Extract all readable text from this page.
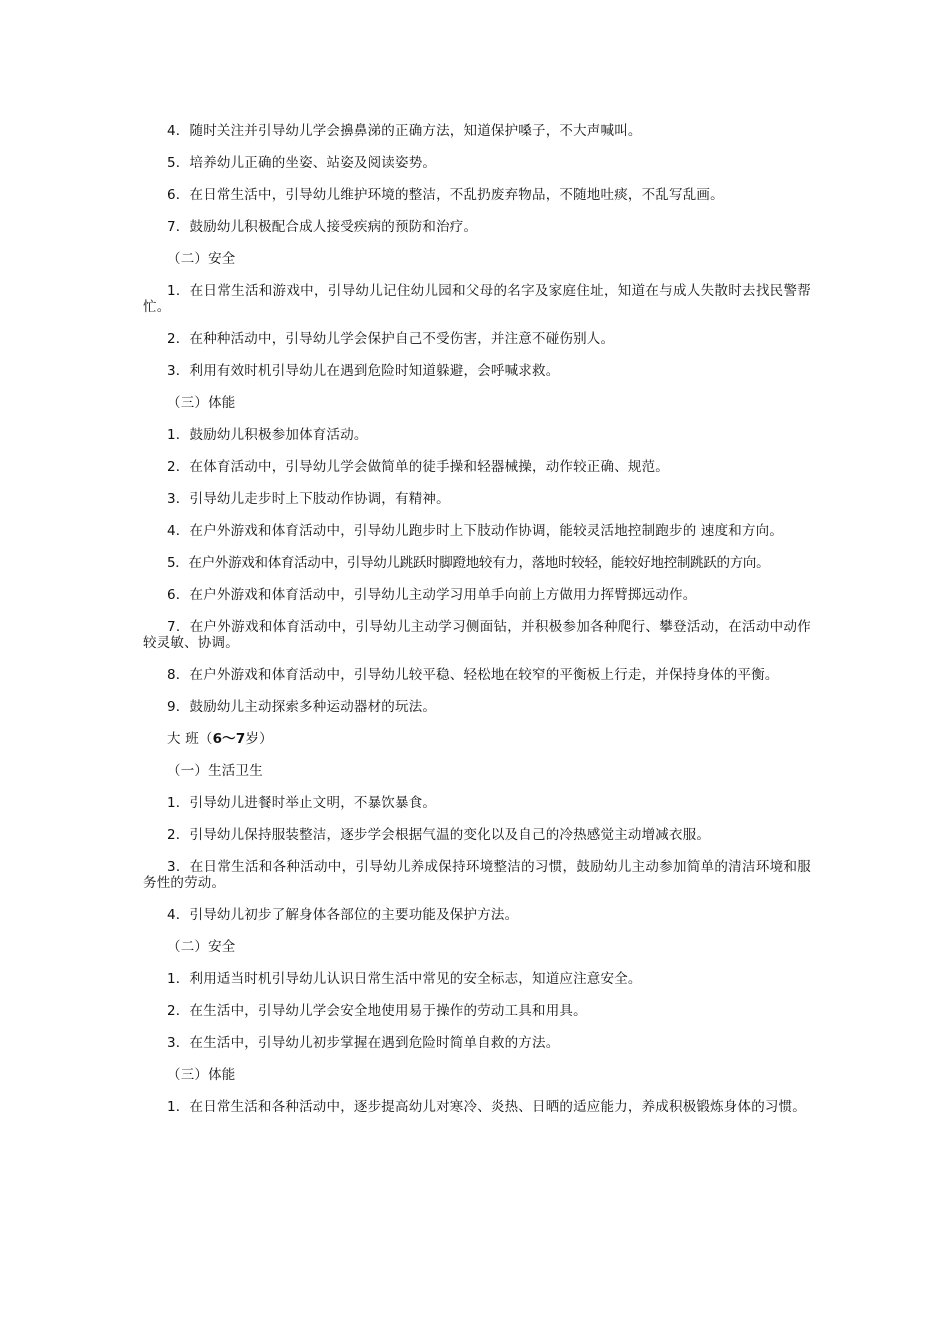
4．随时关注并引导幼儿学会擤鼻涕的正确方法，知道保护嗓子，不大声喊叫。

5．培养幼儿正确的坐姿、站姿及阅读姿势。

6．在日常生活中，引导幼儿维护环境的整洁，不乱扔废弃物品，不随地吐痰，不乱写乱画。

7．鼓励幼儿积极配合成人接受疾病的预防和治疗。

（二）安全

1．在日常生活和游戏中，引导幼儿记住幼儿园和父母的名字及家庭住址，知道在与成人失散时去找民警帮忙。

2．在种种活动中，引导幼儿学会保护自己不受伤害，并注意不碰伤别人。

3．利用有效时机引导幼儿在遇到危险时知道躲避，会呼喊求救。

（三）体能

1．鼓励幼儿积极参加体育活动。

2．在体育活动中，引导幼儿学会做简单的徒手操和轻器械操，动作较正确、规范。

3．引导幼儿走步时上下肢动作协调，有精神。

4．在户外游戏和体育活动中，引导幼儿跑步时上下肢动作协调，能较灵活地控制跑步的 速度和方向。

5．在户外游戏和体育活动中，引导幼儿跳跃时脚蹬地较有力，落地时较轻，能较好地控制跳跃的方向。

6．在户外游戏和体育活动中，引导幼儿主动学习用单手向前上方做用力挥臂掷远动作。

7．在户外游戏和体育活动中，引导幼儿主动学习侧面钻，并积极参加各种爬行、攀登活动，在活动中动作较灵敏、协调。

8．在户外游戏和体育活动中，引导幼儿较平稳、轻松地在较窄的平衡板上行走，并保持身体的平衡。

9．鼓励幼儿主动探索多种运动器材的玩法。

大 班（6～7岁）

（一）生活卫生

1．引导幼儿进餐时举止文明，不暴饮暴食。

2．引导幼儿保持服装整洁，逐步学会根据气温的变化以及自己的冷热感觉主动增减衣服。

3．在日常生活和各种活动中，引导幼儿养成保持环境整洁的习惯，鼓励幼儿主动参加简单的清洁环境和服务性的劳动。

4．引导幼儿初步了解身体各部位的主要功能及保护方法。

（二）安全

1．利用适当时机引导幼儿认识日常生活中常见的安全标志，知道应注意安全。

2．在生活中，引导幼儿学会安全地使用易于操作的劳动工具和用具。

3．在生活中，引导幼儿初步掌握在遇到危险时简单自救的方法。

（三）体能

1．在日常生活和各种活动中，逐步提高幼儿对寒冷、炎热、日晒的适应能力，养成积极锻炼身体的习惯。
